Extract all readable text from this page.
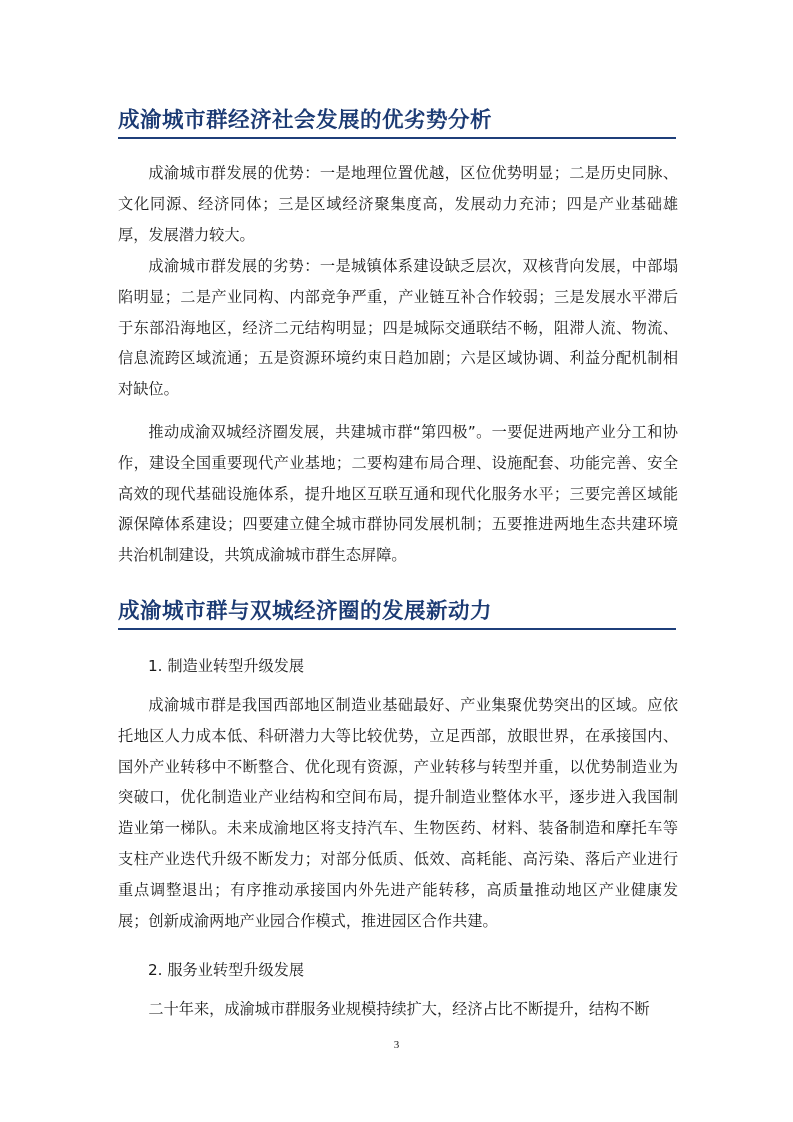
成渝城市群经济社会发展的优劣势分析

成渝城市群发展的优势：一是地理位置优越，区位优势明显；二是历史同脉、文化同源、经济同体；三是区域经济聚集度高，发展动力充沛；四是产业基础雄厚，发展潜力较大。

成渝城市群发展的劣势：一是城镇体系建设缺乏层次，双核背向发展，中部塌陷明显；二是产业同构、内部竞争严重，产业链互补合作较弱；三是发展水平滞后于东部沿海地区，经济二元结构明显；四是城际交通联结不畅，阻滞人流、物流、信息流跨区域流通；五是资源环境约束日趋加剧；六是区域协调、利益分配机制相对缺位。

推动成渝双城经济圈发展，共建城市群“第四极”。一要促进两地产业分工和协作，建设全国重要现代产业基地；二要构建布局合理、设施配套、功能完善、安全高效的现代基础设施体系，提升地区互联互通和现代化服务水平；三要完善区域能源保障体系建设；四要建立健全城市群协同发展机制；五要推进两地生态共建环境共治机制建设，共筑成渝城市群生态屏障。

成渝城市群与双城经济圈的发展新动力
1. 制造业转型升级发展

成渝城市群是我国西部地区制造业基础最好、产业集聚优势突出的区域。应依托地区人力成本低、科研潜力大等比较优势，立足西部，放眼世界，在承接国内、国外产业转移中不断整合、优化现有资源，产业转移与转型并重，以优势制造业为突破口，优化制造业产业结构和空间布局，提升制造业整体水平，逐步进入我国制造业第一梯队。未来成渝地区将支持汽车、生物医药、材料、装备制造和摩托车等支柱产业迭代升级不断发力；对部分低质、低效、高耗能、高污染、落后产业进行重点调整退出；有序推动承接国内外先进产能转移，高质量推动地区产业健康发展；创新成渝两地产业园合作模式，推进园区合作共建。

2. 服务业转型升级发展

二十年来，成渝城市群服务业规模持续扩大，经济占比不断提升，结构不断

3
